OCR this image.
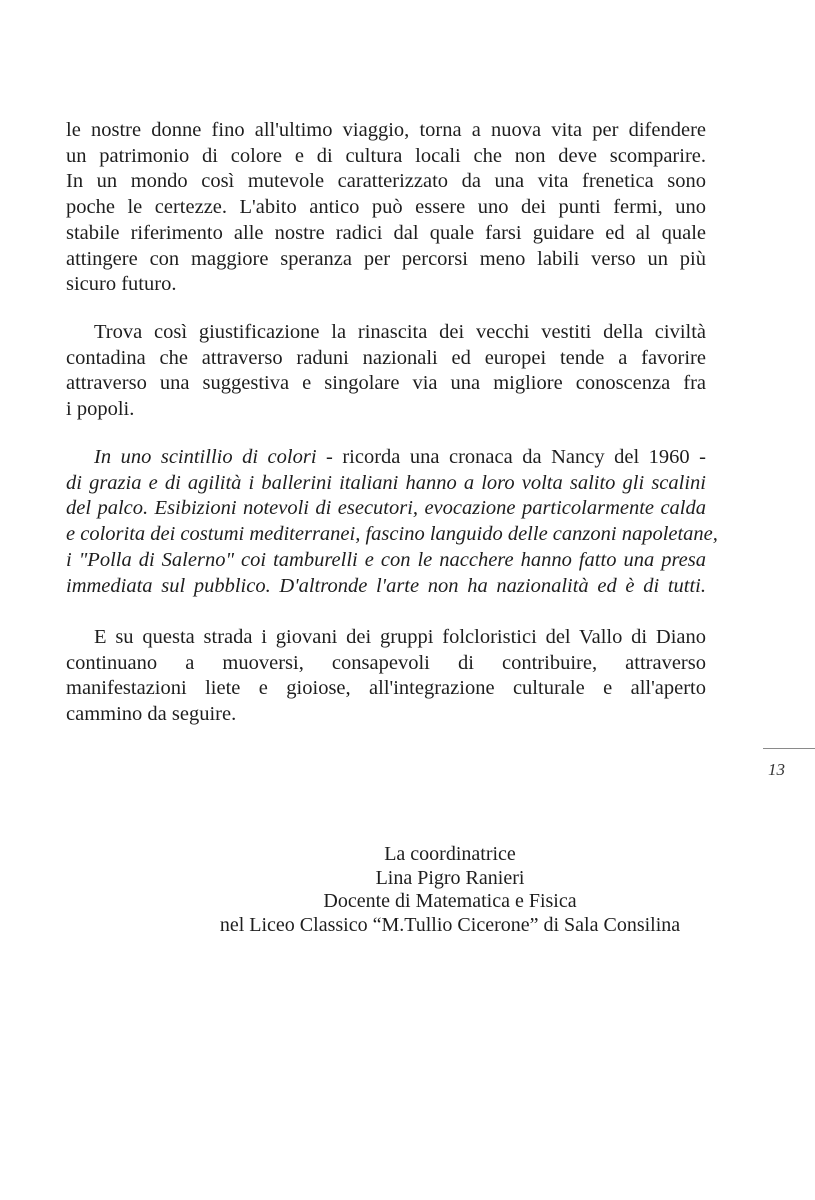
le nostre donne fino all'ultimo viaggio, torna a nuova vita per difendere
un patrimonio di colore e di cultura locali che non deve scomparire.
In un mondo così mutevole caratterizzato da una vita frenetica sono
poche le certezze. L'abito antico può essere uno dei punti fermi, uno
stabile riferimento alle nostre radici dal quale farsi guidare ed al quale
attingere con maggiore speranza per percorsi meno labili verso un più
sicuro futuro.
Trova così giustificazione la rinascita dei vecchi vestiti della civiltà
contadina che attraverso raduni nazionali ed europei tende a favorire
attraverso una suggestiva e singolare via una migliore conoscenza fra
i popoli.
In uno scintillio di colori - ricorda una cronaca da Nancy del 1960 -
di grazia e di agilità i ballerini italiani hanno a loro volta salito gli scalini
del palco. Esibizioni notevoli di esecutori, evocazione particolarmente calda
e colorita dei costumi mediterranei, fascino languido delle canzoni napoletane,
i "Polla di Salerno" coi tamburelli e con le nacchere hanno fatto una presa
immediata sul pubblico. D'altronde l'arte non ha nazionalità ed è di tutti.
E su questa strada i giovani dei gruppi folcloristici del Vallo di Diano
continuano a muoversi, consapevoli di contribuire, attraverso
manifestazioni liete e gioiose, all'integrazione culturale e all'aperto
cammino da seguire.
13
La coordinatrice
Lina Pigro Ranieri
Docente di Matematica e Fisica
nel Liceo Classico “M.Tullio Cicerone” di Sala Consilina
